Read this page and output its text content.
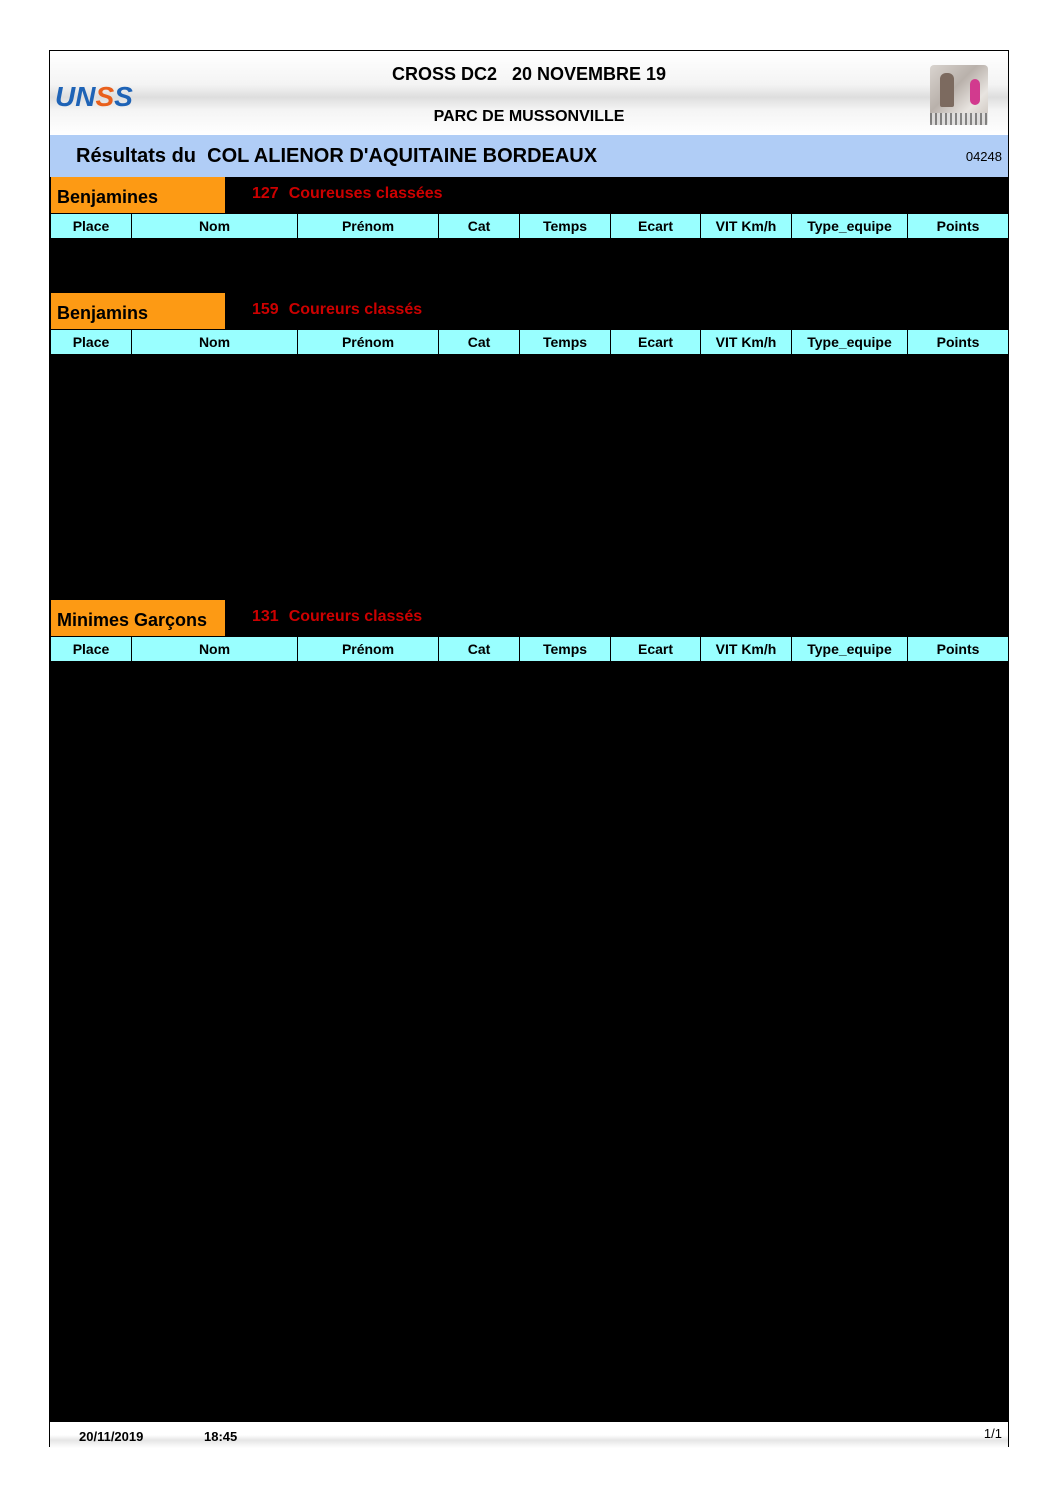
UNSS
CROSS DC2   20 NOVEMBRE 19
PARC DE MUSSONVILLE
Résultats du  COL ALIENOR D'AQUITAINE BORDEAUX	04248
Benjamines	127 Coureuses classées
Place	Nom	Prénom	Cat	Temps	Ecart	VIT Km/h	Type_equipe	Points
Benjamins	159 Coureurs classés
Place	Nom	Prénom	Cat	Temps	Ecart	VIT Km/h	Type_equipe	Points
Minimes Garçons	131 Coureurs classés
Place	Nom	Prénom	Cat	Temps	Ecart	VIT Km/h	Type_equipe	Points
20/11/2019	18:45	1/1
